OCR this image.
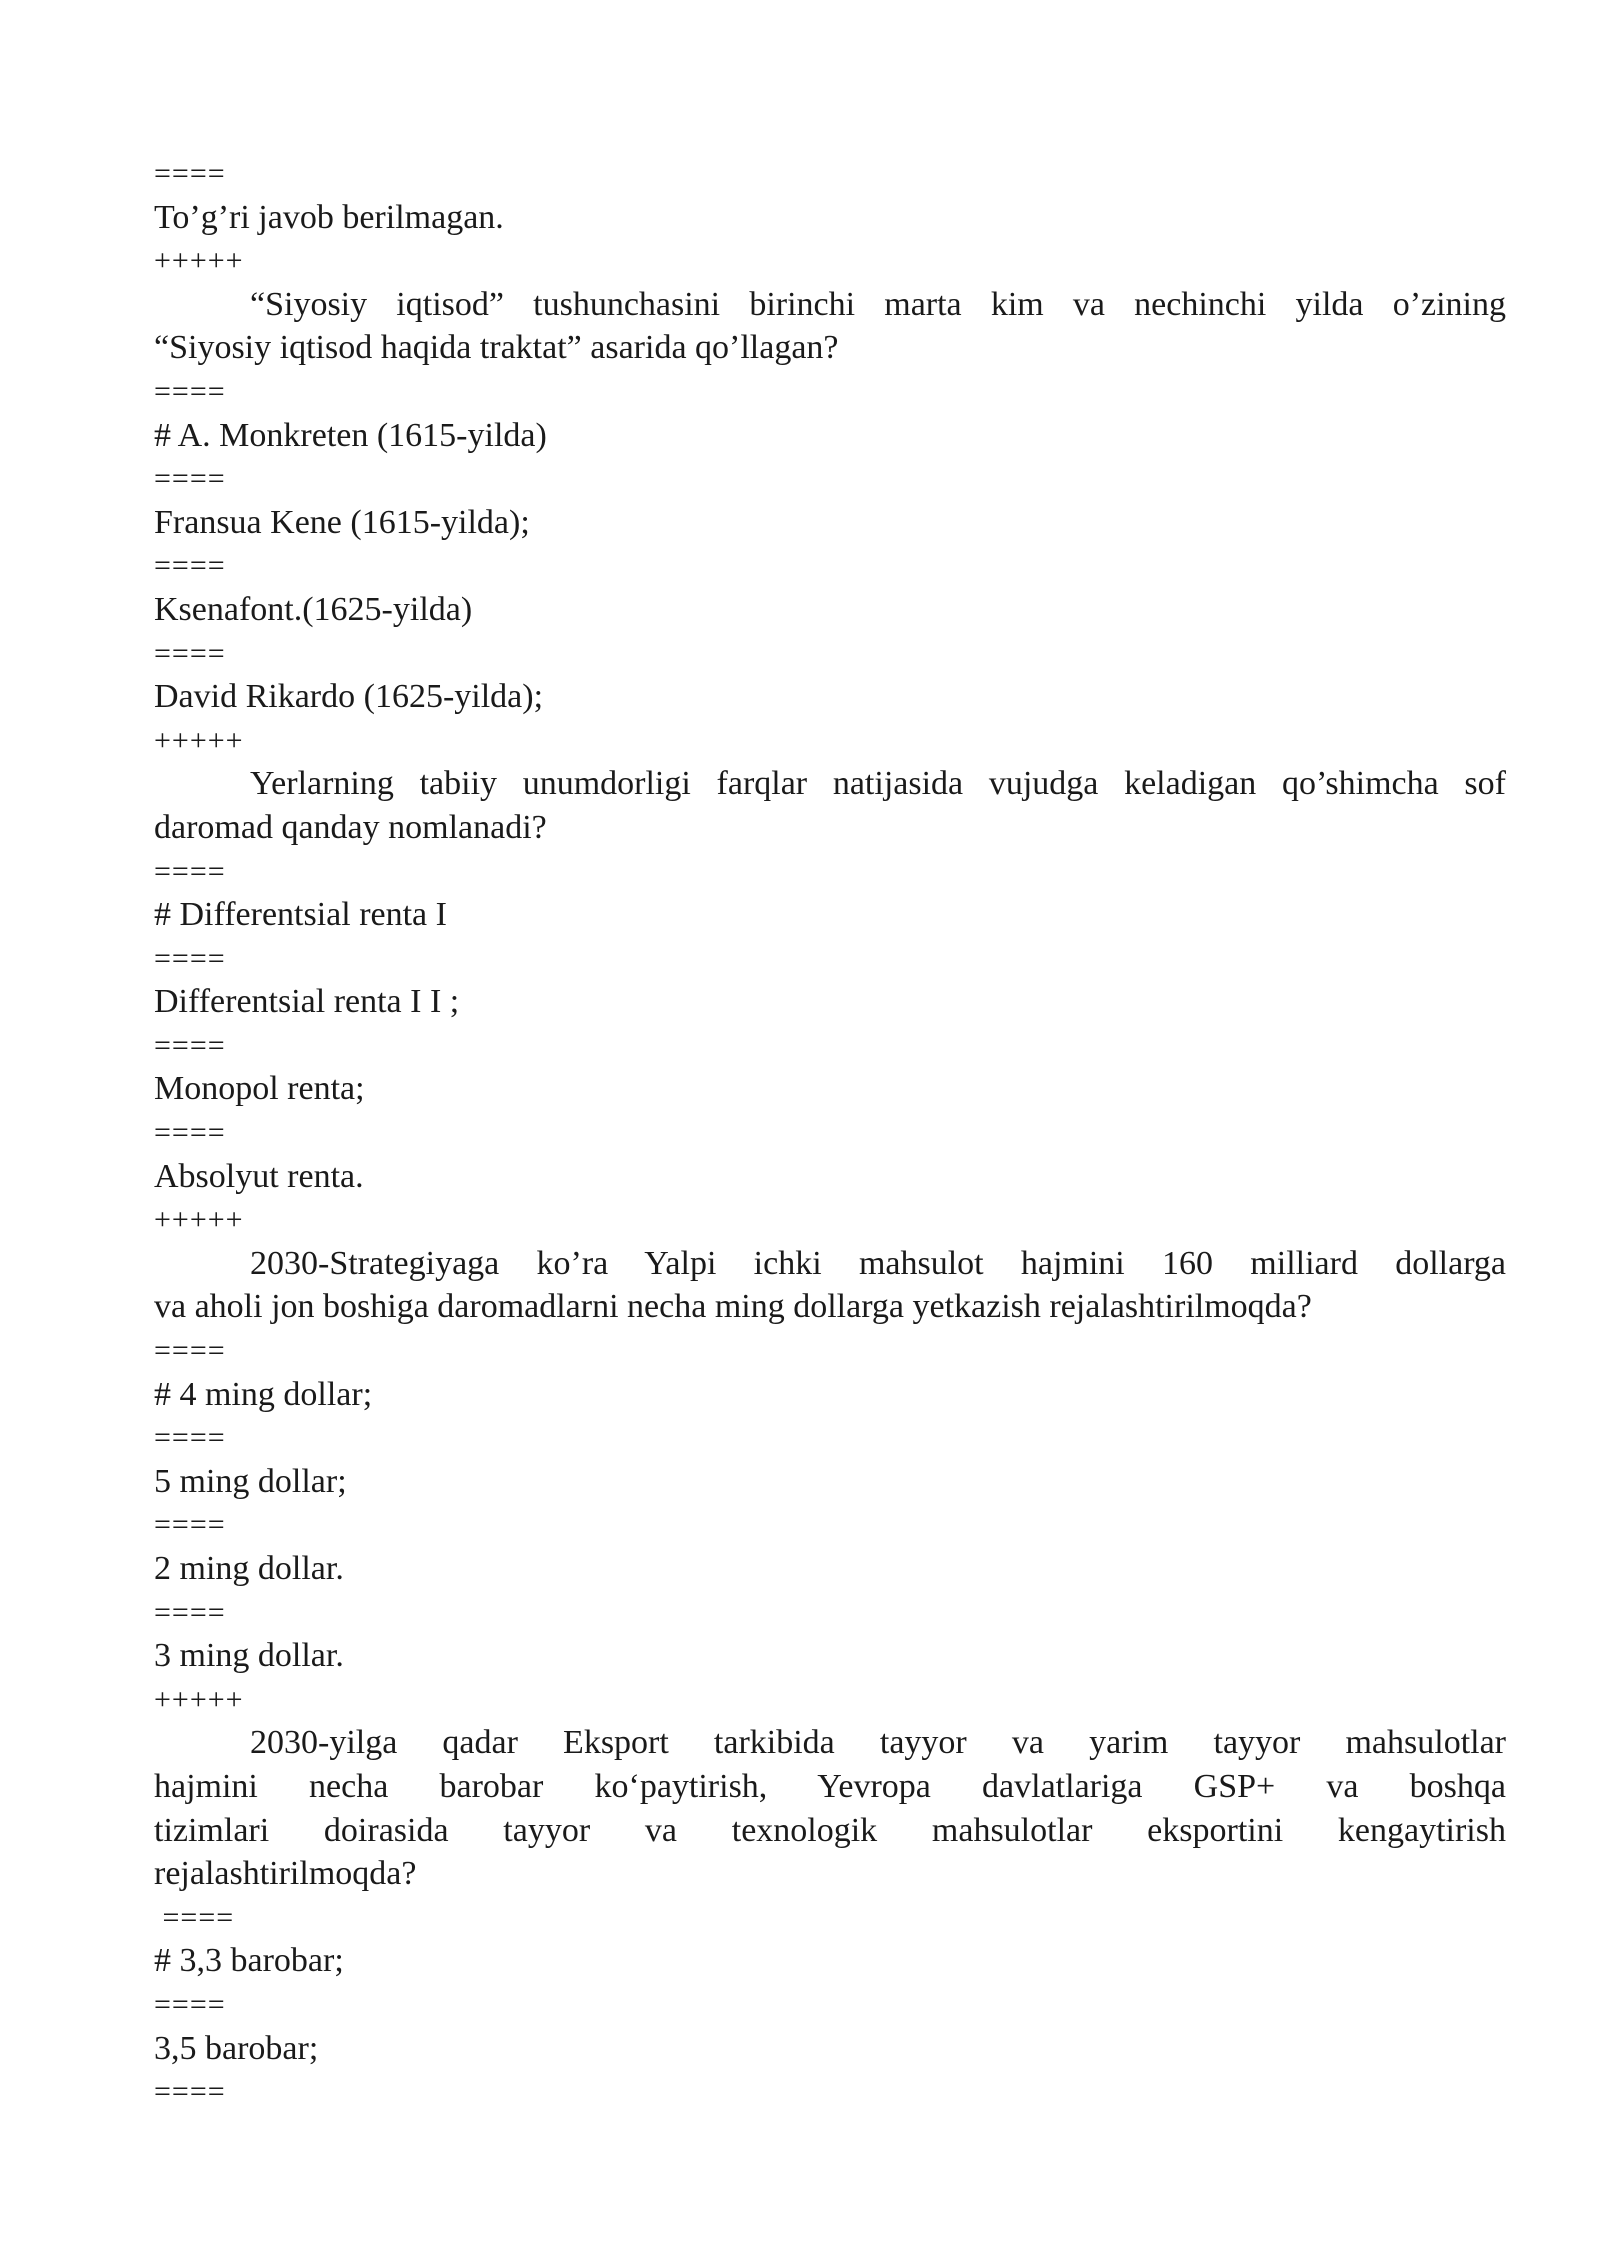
====
To’g’ri javob berilmagan.
+++++
“Siyosiy iqtisod” tushunchasini birinchi marta kim va nechinchi yilda o’zining
“Siyosiy iqtisod haqida traktat” asarida qo’llagan?
====
# A. Monkreten (1615-yilda)
====
Fransua Kene (1615-yilda);
====
Ksenafont.(1625-yilda)
====
David Rikardo (1625-yilda);
+++++
Yerlarning tabiiy unumdorligi farqlar natijasida vujudga keladigan qo’shimcha sof
daromad qanday nomlanadi?
====
# Differentsial renta I
====
Differentsial renta I I ;
====
Monopol renta;
====
Absolyut renta.
+++++
2030-Strategiyaga ko’ra Yalpi ichki mahsulot hajmini 160 milliard dollarga
va aholi jon boshiga daromadlarni necha ming dollarga yetkazish rejalashtirilmoqda?
====
# 4 ming dollar;
====
5 ming dollar;
====
2 ming dollar.
====
3 ming dollar.
+++++
2030-yilga qadar Eksport tarkibida tayyor va yarim tayyor mahsulotlar
hajmini necha barobar ko‘paytirish, Yevropa davlatlariga GSP+ va boshqa
tizimlari doirasida tayyor va texnologik mahsulotlar eksportini kengaytirish
rejalashtirilmoqda?
====
# 3,3 barobar;
====
3,5 barobar;
====
